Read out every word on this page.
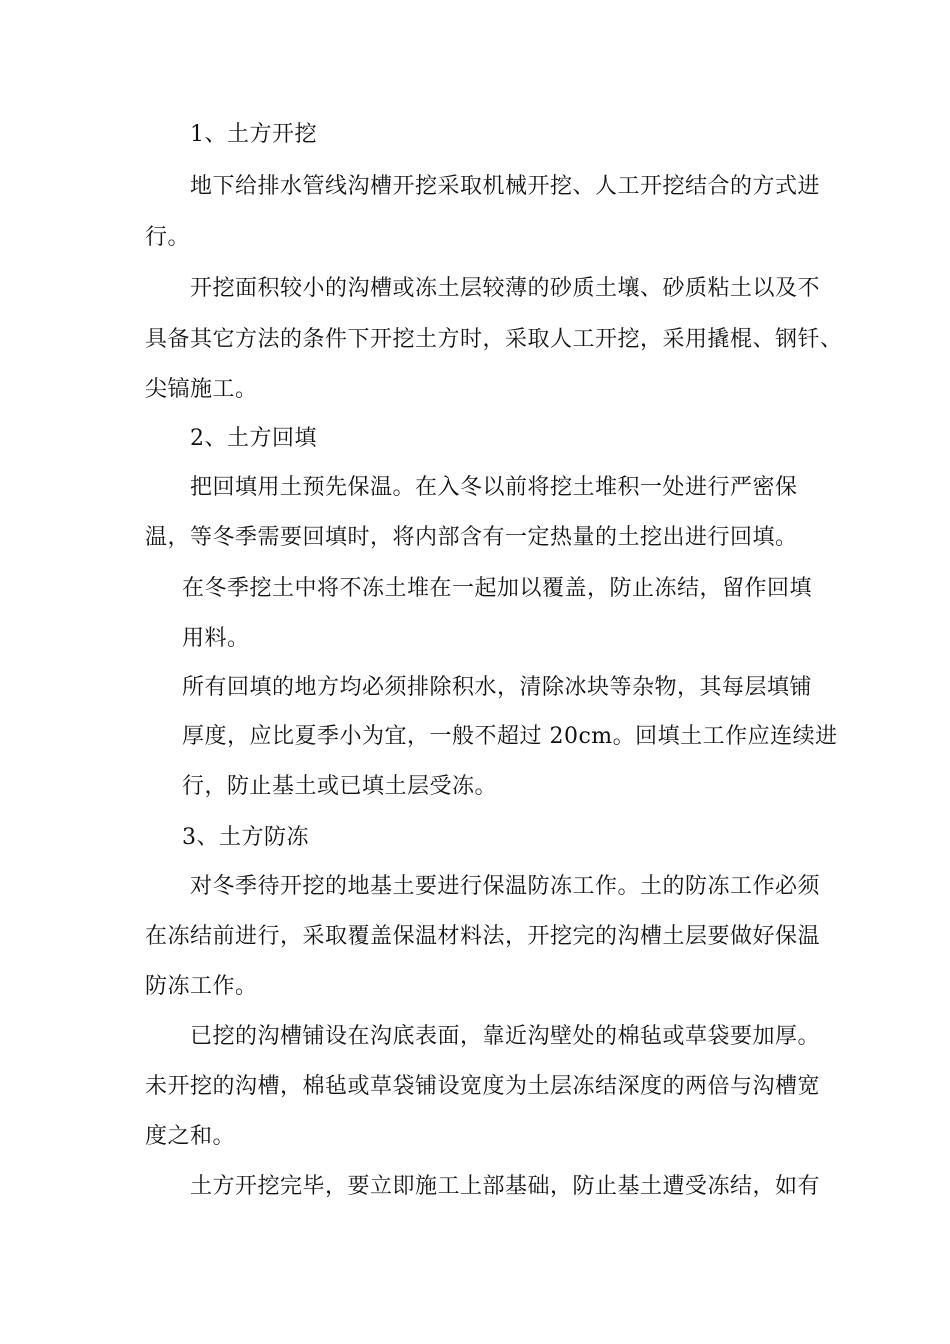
1、土方开挖
地下给排水管线沟槽开挖采取机械开挖、人工开挖结合的方式进
行。
开挖面积较小的沟槽或冻土层较薄的砂质土壤、砂质粘土以及不
具备其它方法的条件下开挖土方时，采取人工开挖，采用撬棍、钢钎、
尖镐施工。
2、土方回填
把回填用土预先保温。在入冬以前将挖土堆积一处进行严密保
温，等冬季需要回填时，将内部含有一定热量的土挖出进行回填。
在冬季挖土中将不冻土堆在一起加以覆盖，防止冻结，留作回填
用料。
所有回填的地方均必须排除积水，清除冰块等杂物，其每层填铺
厚度，应比夏季小为宜，一般不超过 20cm。回填土工作应连续进
行，防止基土或已填土层受冻。
3、土方防冻
对冬季待开挖的地基土要进行保温防冻工作。土的防冻工作必须
在冻结前进行，采取覆盖保温材料法，开挖完的沟槽土层要做好保温
防冻工作。
已挖的沟槽铺设在沟底表面，靠近沟壁处的棉毡或草袋要加厚。
未开挖的沟槽，棉毡或草袋铺设宽度为土层冻结深度的两倍与沟槽宽
度之和。
土方开挖完毕，要立即施工上部基础，防止基土遭受冻结，如有
